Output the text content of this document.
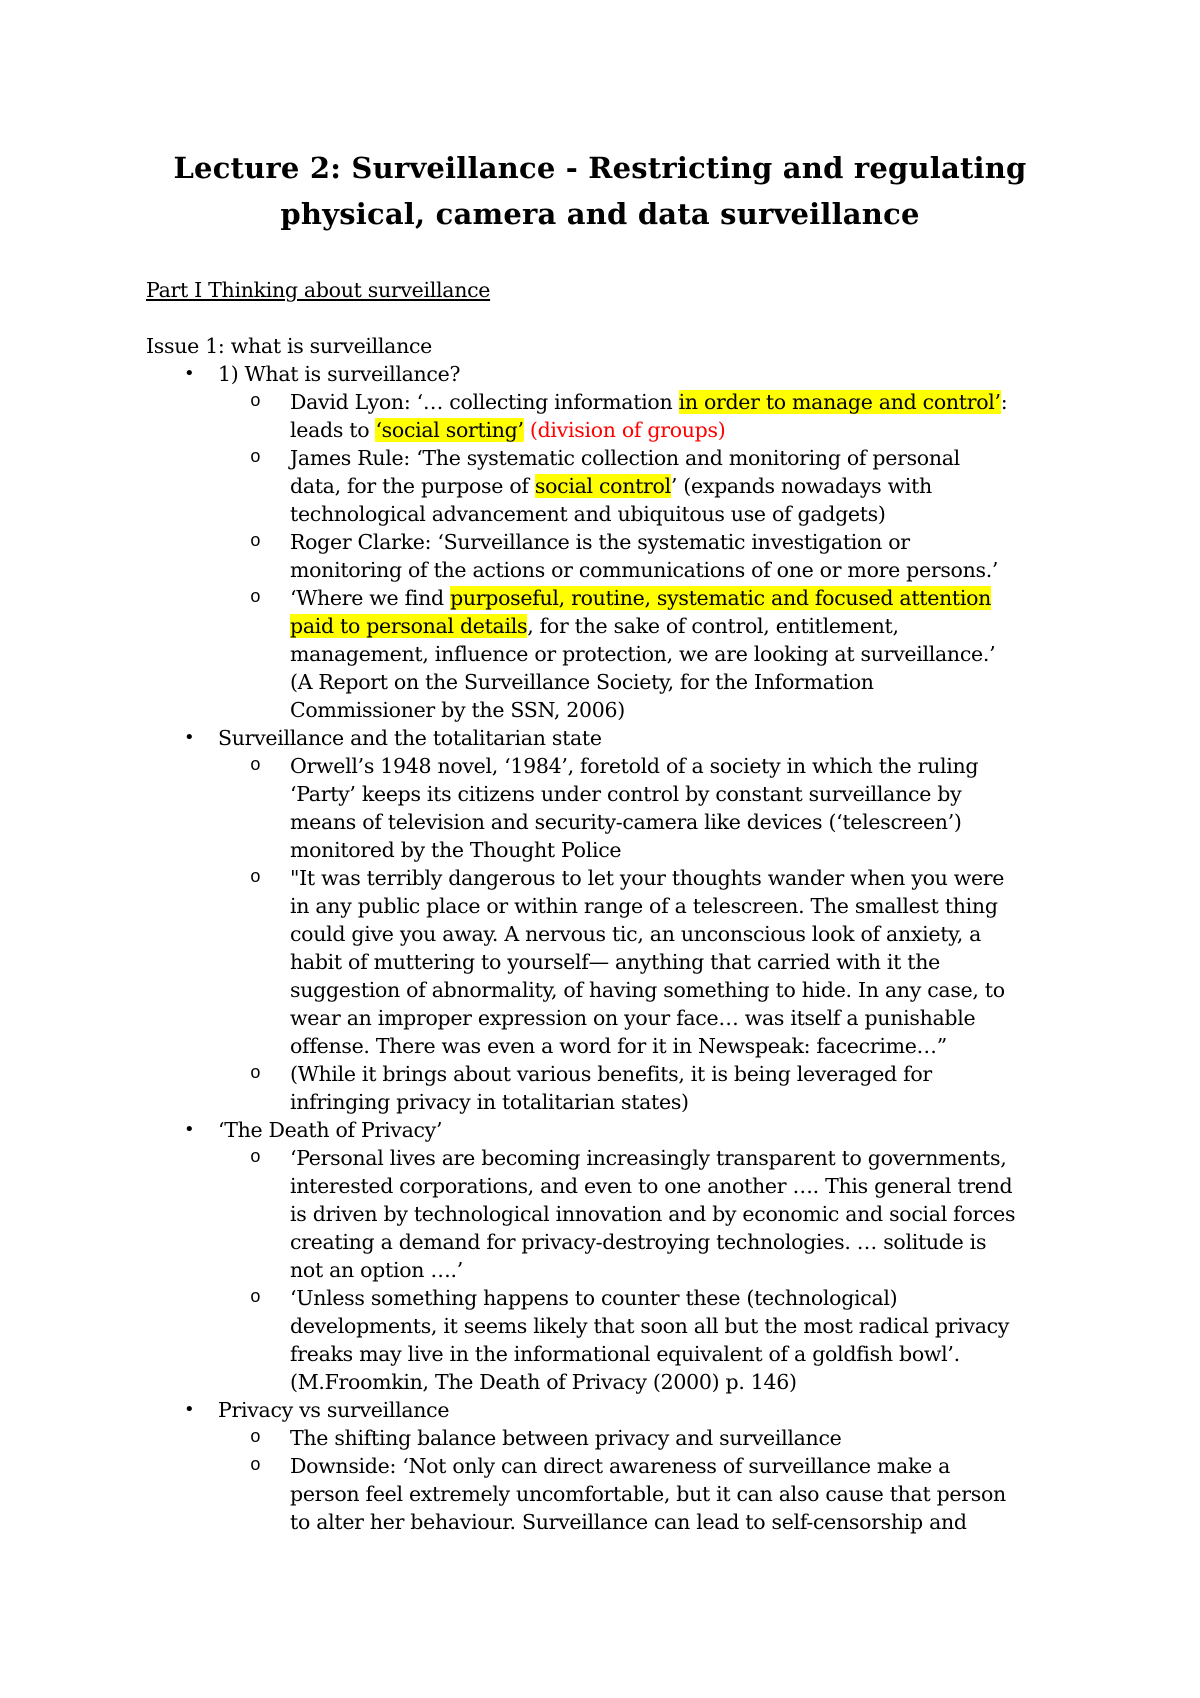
Lecture 2: Surveillance - Restricting and regulating
physical, camera and data surveillance
Part I Thinking about surveillance
Issue 1: what is surveillance
• 1) What is surveillance?
o David Lyon: ‘… collecting information in order to manage and control’:
leads to ‘social sorting’ (division of groups)
o James Rule: ‘The systematic collection and monitoring of personal
data, for the purpose of social control’ (expands nowadays with
technological advancement and ubiquitous use of gadgets)
o Roger Clarke: ‘Surveillance is the systematic investigation or
monitoring of the actions or communications of one or more persons.’
o ‘Where we find purposeful, routine, systematic and focused attention
paid to personal details, for the sake of control, entitlement,
management, influence or protection, we are looking at surveillance.’
(A Report on the Surveillance Society, for the Information
Commissioner by the SSN, 2006)
• Surveillance and the totalitarian state
o Orwell’s 1948 novel, ‘1984’, foretold of a society in which the ruling
‘Party’ keeps its citizens under control by constant surveillance by
means of television and security-camera like devices (‘telescreen’)
monitored by the Thought Police
o "It was terribly dangerous to let your thoughts wander when you were
in any public place or within range of a telescreen. The smallest thing
could give you away. A nervous tic, an unconscious look of anxiety, a
habit of muttering to yourself— anything that carried with it the
suggestion of abnormality, of having something to hide. In any case, to
wear an improper expression on your face… was itself a punishable
offense. There was even a word for it in Newspeak: facecrime…”
o (While it brings about various benefits, it is being leveraged for
infringing privacy in totalitarian states)
• ‘The Death of Privacy’
o ‘Personal lives are becoming increasingly transparent to governments,
interested corporations, and even to one another …. This general trend
is driven by technological innovation and by economic and social forces
creating a demand for privacy-destroying technologies. … solitude is
not an option ….’
o ‘Unless something happens to counter these (technological)
developments, it seems likely that soon all but the most radical privacy
freaks may live in the informational equivalent of a goldfish bowl’.
(M.Froomkin, The Death of Privacy (2000) p. 146)
• Privacy vs surveillance
o The shifting balance between privacy and surveillance
o Downside: ‘Not only can direct awareness of surveillance make a
person feel extremely uncomfortable, but it can also cause that person
to alter her behaviour. Surveillance can lead to self-censorship and
